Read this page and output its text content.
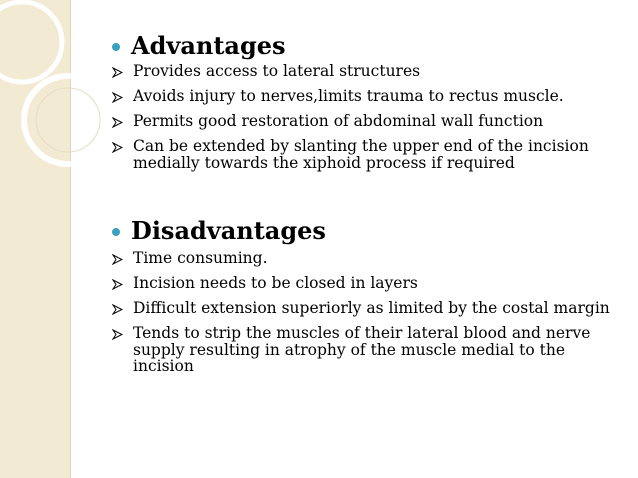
Advantages
Provides access to lateral structures
Avoids injury to nerves,limits trauma to rectus muscle.
Permits good restoration of abdominal wall function
Can be extended by slanting the upper end of the incision medially towards the xiphoid process if required
Disadvantages
Time consuming.
Incision needs to be closed in layers
Difficult extension superiorly as limited by the costal margin
Tends to strip the muscles of their lateral blood and nerve supply resulting in atrophy of the muscle medial to the incision
